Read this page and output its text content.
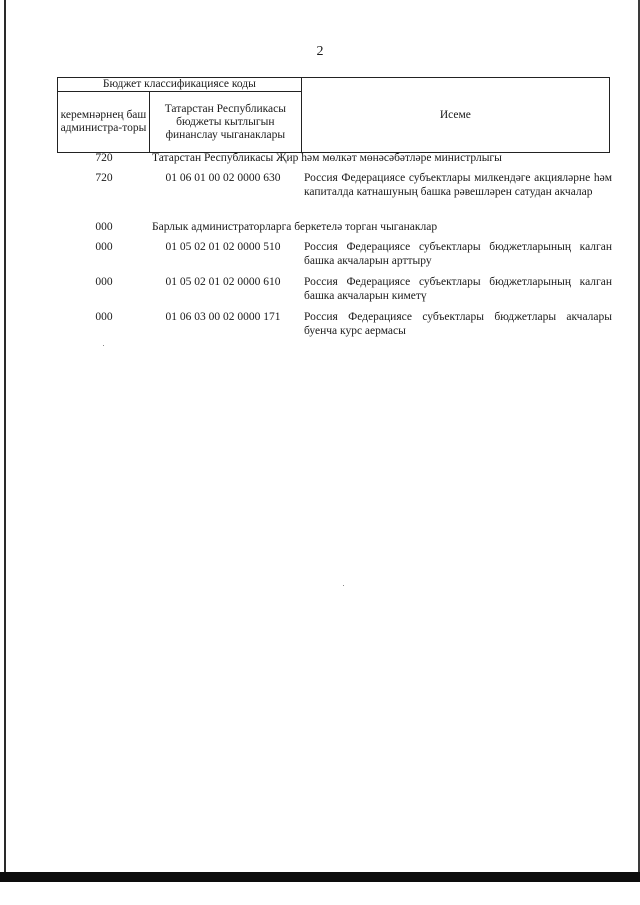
2
Бюджет классификациясе коды		Исеме
керемнәрнең баш администра-торы	Татарстан Республикасы бюджеты кытлыгын финанслау чыганаклары	
720	Татарстан Республикасы Җир һәм мөлкәт мөнәсәбәтләре министрлыгы
720	01 06 01 00 02 0000 630	Россия Федерациясе субъектлары милкендәге акцияләрне һәм капиталда катнашуның башка рәвешләрен сатудан акчалар
000	Барлык администраторларга беркетелә торган чыганаклар
000	01 05 02 01 02 0000 510	Россия Федерациясе субъектлары бюджетларының калган башка акчаларын арттыру
000	01 05 02 01 02 0000 610	Россия Федерациясе субъектлары бюджетларының калган башка акчаларын киметү
000	01 06 03 00 02 0000 171	Россия Федерациясе субъектлары бюджетлары акчалары буенча курс аермасы
